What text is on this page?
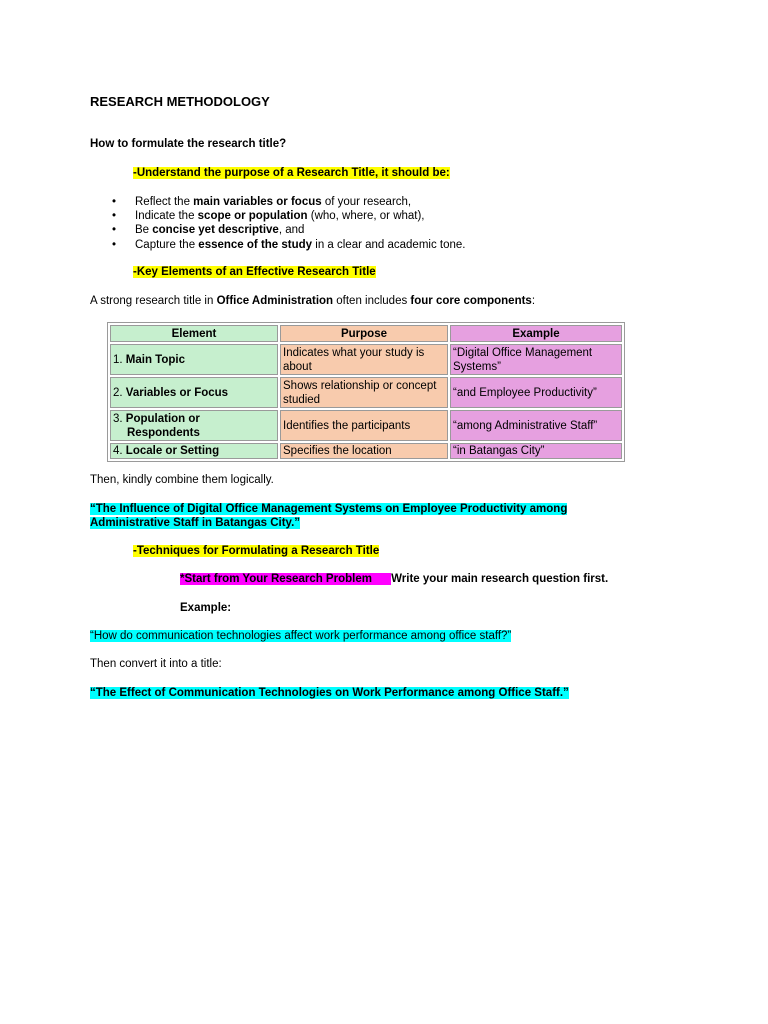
RESEARCH METHODOLOGY
How to formulate the research title?
-Understand the purpose of a Research Title, it should be:
• Reflect the main variables or focus of your research,
• Indicate the scope or population (who, where, or what),
• Be concise yet descriptive, and
• Capture the essence of the study in a clear and academic tone.
-Key Elements of an Effective Research Title
A strong research title in Office Administration often includes four core components:
Element	Purpose	Example
1. Main Topic	Indicates what your study is about	“Digital Office Management Systems”
2. Variables or Focus	Shows relationship or concept studied	“and Employee Productivity”
3. Population or
Respondents	Identifies the participants	“among Administrative Staff”
4. Locale or Setting	Specifies the location	“in Batangas City”
Then, kindly combine them logically.
“The Influence of Digital Office Management Systems on Employee Productivity among
Administrative Staff in Batangas City.”
-Techniques for Formulating a Research Title
*Start from Your Research Problem      Write your main research question first.
Example:
“How do communication technologies affect work performance among office staff?”
Then convert it into a title:
“The Effect of Communication Technologies on Work Performance among Office Staff.”
